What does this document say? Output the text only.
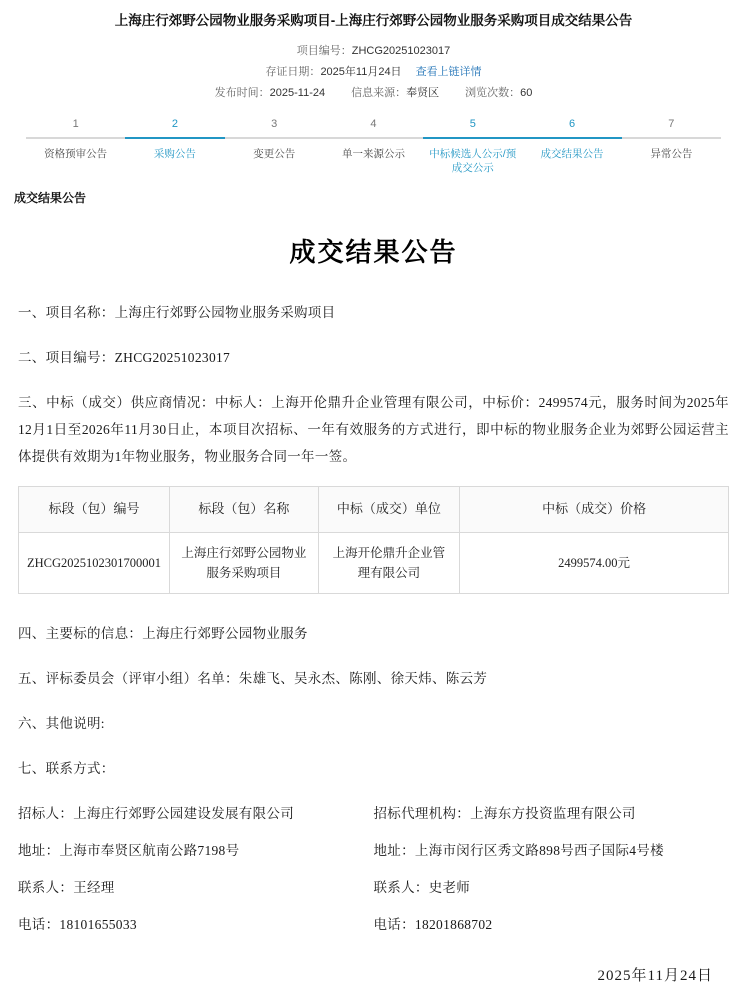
上海庄行郊野公园物业服务采购项目-上海庄行郊野公园物业服务采购项目成交结果公告
项目编号：ZHCG20251023017
存证日期：2025年11月24日 查看上链详情
发布时间：2025-11-24 信息来源：奉贤区 浏览次数：60
1
资格预审公告
2
采购公告
3
变更公告
4
单一来源公示
5
中标候选人公示/预成交公示
6
成交结果公告
7
异常公告
成交结果公告
成交结果公告

一、项目名称：上海庄行郊野公园物业服务采购项目

二、项目编号：ZHCG20251023017

三、中标（成交）供应商情况：中标人：上海开伦鼎升企业管理有限公司，中标价：2499574元，服务时间为2025年12月1日至2026年11月30日止，本项目次招标、一年有效服务的方式进行，即中标的物业服务企业为郊野公园运营主体提供有效期为1年物业服务，物业服务合同一年一签。

标段（包）编号	标段（包）名称	中标（成交）单位	中标（成交）价格
ZHCG2025102301700001	上海庄行郊野公园物业服务采购项目	上海开伦鼎升企业管理有限公司	2499574.00元

四、主要标的信息：上海庄行郊野公园物业服务

五、评标委员会（评审小组）名单：朱雄飞、吴永杰、陈刚、徐天炜、陈云芳

六、其他说明:

七、联系方式：

招标人：上海庄行郊野公园建设发展有限公司
地址：上海市奉贤区航南公路7198号
联系人：王经理
电话：18101655033
招标代理机构：上海东方投资监理有限公司
地址：上海市闵行区秀文路898号西子国际4号楼
联系人：史老师
电话：18201868702
2025年11月24日
